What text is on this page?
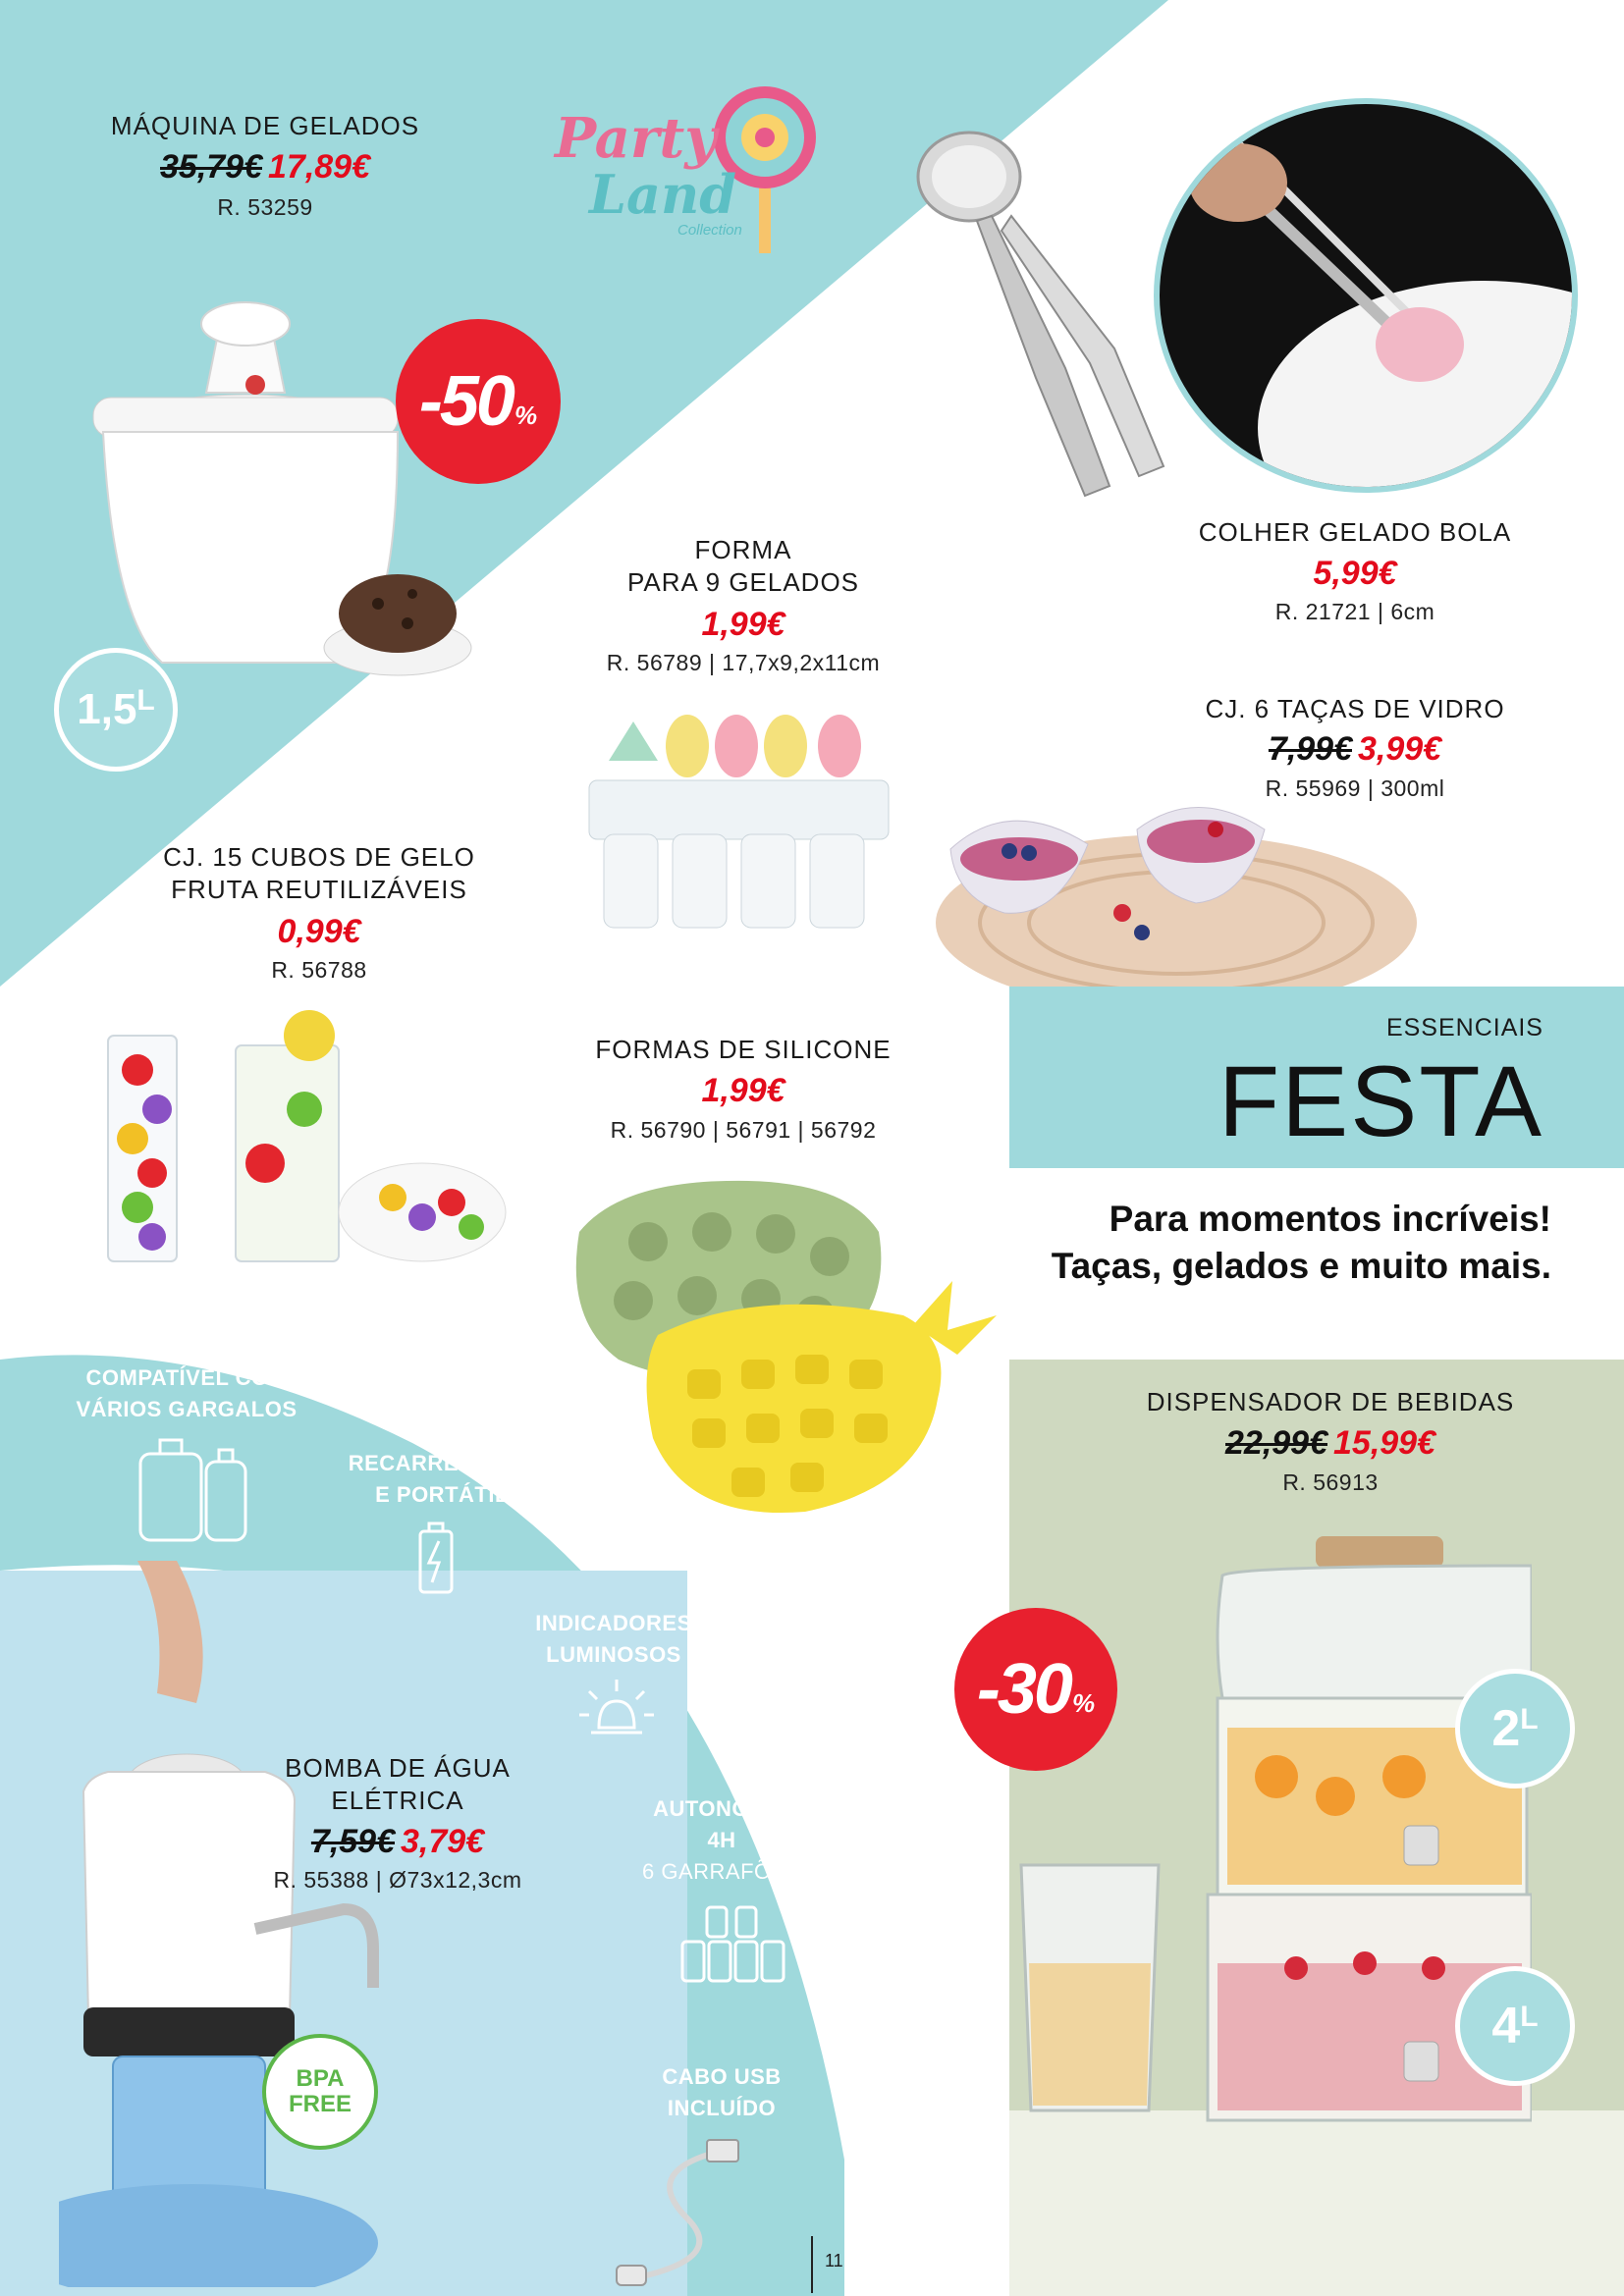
Party
Land
Collection
MÁQUINA DE GELADOS
35,79€ 17,89€
R. 53259
-50 %
$1,5^L$
COLHER GELADO BOLA
5,99€
R. 21721 | 6cm
FORMA
PARA 9 GELADOS
1,99€
R. 56789 | 17,7x9,2x11cm
CJ. 6 TAÇAS DE VIDRO
7,99€ 3,99€
R. 55969 | 300ml
CJ. 15 CUBOS DE GELO
FRUTA REUTILIZÁVEIS
0,99€
R. 56788
FORMAS DE SILICONE
1,99€
R. 56790 | 56791 | 56792
ESSENCIAIS
FESTA
Para momentos incríveis!
Taças, gelados e muito mais.
COMPATÍVEL COM
VÁRIOS GARGALOS
RECARREGÁVEL
E PORTÁTIL
INDICADORES
LUMINOSOS
AUTONOMIA
4H
6 GARRAFÕES
CABO USB
INCLUÍDO
BPA
FREE
BOMBA DE ÁGUA
ELÉTRICA
7,59€ 3,79€
R. 55388 | Ø73x12,3cm
DISPENSADOR DE BEBIDAS
22,99€ 15,99€
R. 56913
-30 %	2 L
4 L
11
